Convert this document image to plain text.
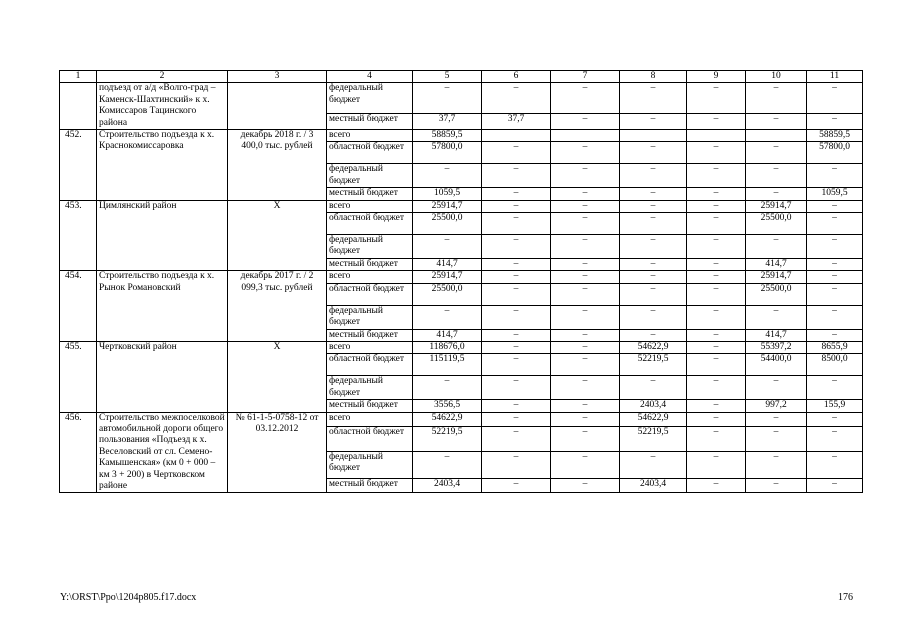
1	2	3	4	5	6	7	8	9	10	11
	подъезд от а/д «Волго-град – Каменск-Шахтинский» к х. Комиссаров Тацинского района		федеральный бюджет	–	–	–	–	–	–	–
			местный бюджет	37,7	37,7	–	–	–	–	–
452.	Строительство подъезда к х. Краснокомиссаровка	декабрь 2018 г. / 3 400,0 тыс. рублей	всего	58859,5						58859,5
			областной бюджет	57800,0	–	–	–	–	–	57800,0
			федеральный бюджет	–	–	–	–	–	–	–
			местный бюджет	1059,5	–	–	–	–	–	1059,5
453.	Цимлянский район	Х	всего	25914,7	–	–	–	–	25914,7	–
			областной бюджет	25500,0	–	–	–	–	25500,0	–
			федеральный бюджет	–	–	–	–	–	–	–
			местный бюджет	414,7	–	–	–	–	414,7	–
454.	Строительство подъезда к х. Рынок Романовский	декабрь 2017 г. / 2 099,3 тыс. рублей	всего	25914,7	–	–	–	–	25914,7	–
			областной бюджет	25500,0	–	–	–	–	25500,0	–
			федеральный бюджет	–	–	–	–	–	–	–
			местный бюджет	414,7	–	–	–	–	414,7	–
455.	Чертковский район	Х	всего	118676,0	–	–	54622,9	–	55397,2	8655,9
			областной бюджет	115119,5	–	–	52219,5	–	54400,0	8500,0
			федеральный бюджет	–	–	–	–	–	–	–
			местный бюджет	3556,5	–	–	2403,4	–	997,2	155,9
456.	Строительство межпоселковой автомобильной дороги общего пользования «Подъезд к х. Веселовский от сл. Семено-Камышенская» (км 0 + 000 – км 3 + 200) в Чертковском районе	№ 61-1-5-0758-12 от 03.12.2012	всего	54622,9	–	–	54622,9	–	–	–
			областной бюджет	52219,5	–	–	52219,5	–	–	–
			федеральный бюджет	–	–	–	–	–	–	–
			местный бюджет	2403,4	–	–	2403,4	–	–	–
Y:\ORST\Ppo\1204p805.f17.docx	176
